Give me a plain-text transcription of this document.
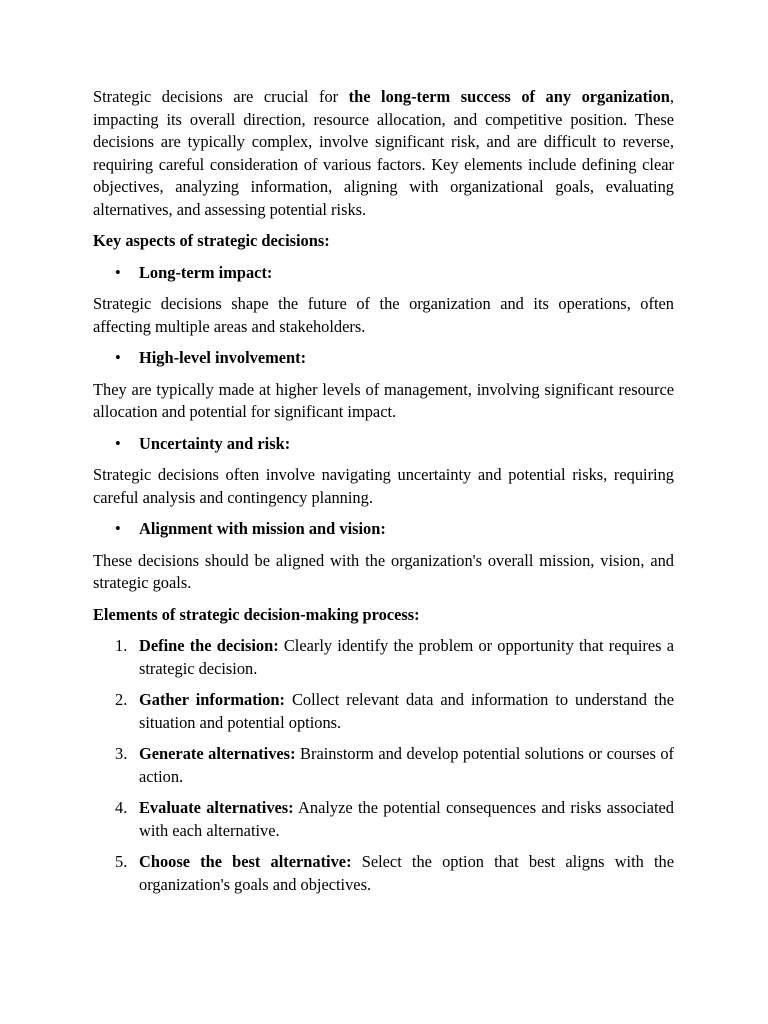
Strategic decisions are crucial for the long-term success of any organization, impacting its overall direction, resource allocation, and competitive position. These decisions are typically complex, involve significant risk, and are difficult to reverse, requiring careful consideration of various factors. Key elements include defining clear objectives, analyzing information, aligning with organizational goals, evaluating alternatives, and assessing potential risks.

Key aspects of strategic decisions:

• Long-term impact:

Strategic decisions shape the future of the organization and its operations, often affecting multiple areas and stakeholders.

• High-level involvement:

They are typically made at higher levels of management, involving significant resource allocation and potential for significant impact.

• Uncertainty and risk:

Strategic decisions often involve navigating uncertainty and potential risks, requiring careful analysis and contingency planning.

• Alignment with mission and vision:

These decisions should be aligned with the organization's overall mission, vision, and strategic goals.

Elements of strategic decision-making process:

1. Define the decision: Clearly identify the problem or opportunity that requires a strategic decision.
2. Gather information: Collect relevant data and information to understand the situation and potential options.
3. Generate alternatives: Brainstorm and develop potential solutions or courses of action.
4. Evaluate alternatives: Analyze the potential consequences and risks associated with each alternative.
5. Choose the best alternative: Select the option that best aligns with the organization's goals and objectives.
